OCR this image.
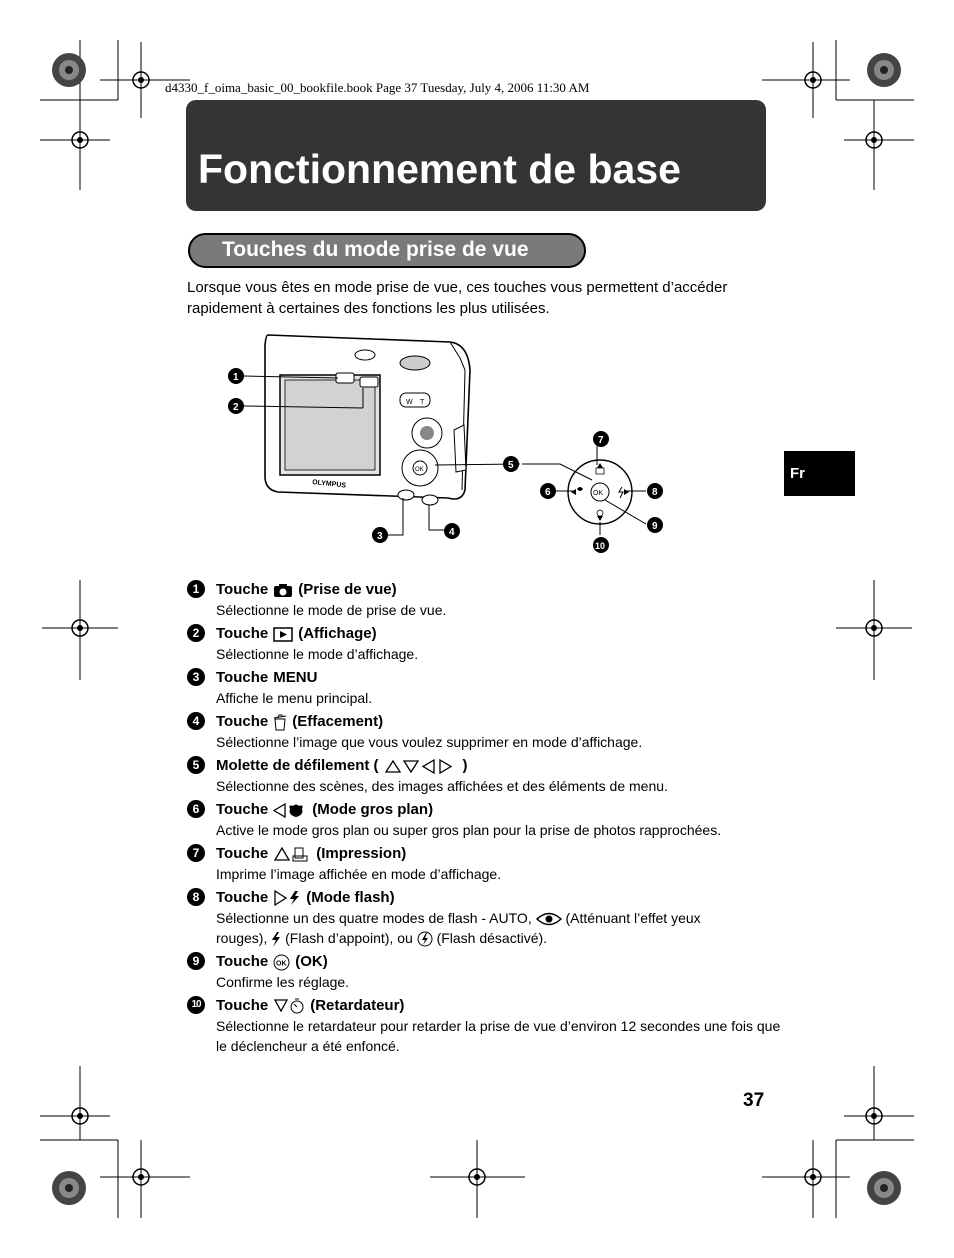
d4330_f_oima_basic_00_bookfile.book Page 37 Tuesday, July 4, 2006 11:30 AM
Fonctionnement de base
Touches du mode prise de vue
Lorsque vous êtes en mode prise de vue, ces touches vous permettent d’accéder rapidement à certaines des fonctions les plus utilisées.
W T
OK
OLYMPUS
OK
1
2
3	4
5
6
7
8
9
10
Fr
1	Touche (Prise de vue)
Sélectionne le mode de prise de vue.
2	Touche (Affichage)
Sélectionne le mode d’affichage.
3	Touche MENU
Affiche le menu principal.
4	Touche (Effacement)
Sélectionne l’image que vous voulez supprimer en mode d’affichage.
5	Molette de défilement (	)
Sélectionne des scènes, des images affichées et des éléments de menu.
6	Touche	(Mode gros plan)
Active le mode gros plan ou super gros plan pour la prise de photos rapprochées.
7	Touche	(Impression)
Imprime l’image affichée en mode d’affichage.
8	Touche	(Mode flash)
Sélectionne un des quatre modes de flash - AUTO, (Atténuant l’effet yeux
rouges), (Flash d’appoint), ou (Flash désactivé).
9	Touche OK (OK)
Confirme les réglage.
10 Touche	(Retardateur)
Sélectionne le retardateur pour retarder la prise de vue d’environ 12 secondes une fois que le déclencheur a été enfoncé.
37
